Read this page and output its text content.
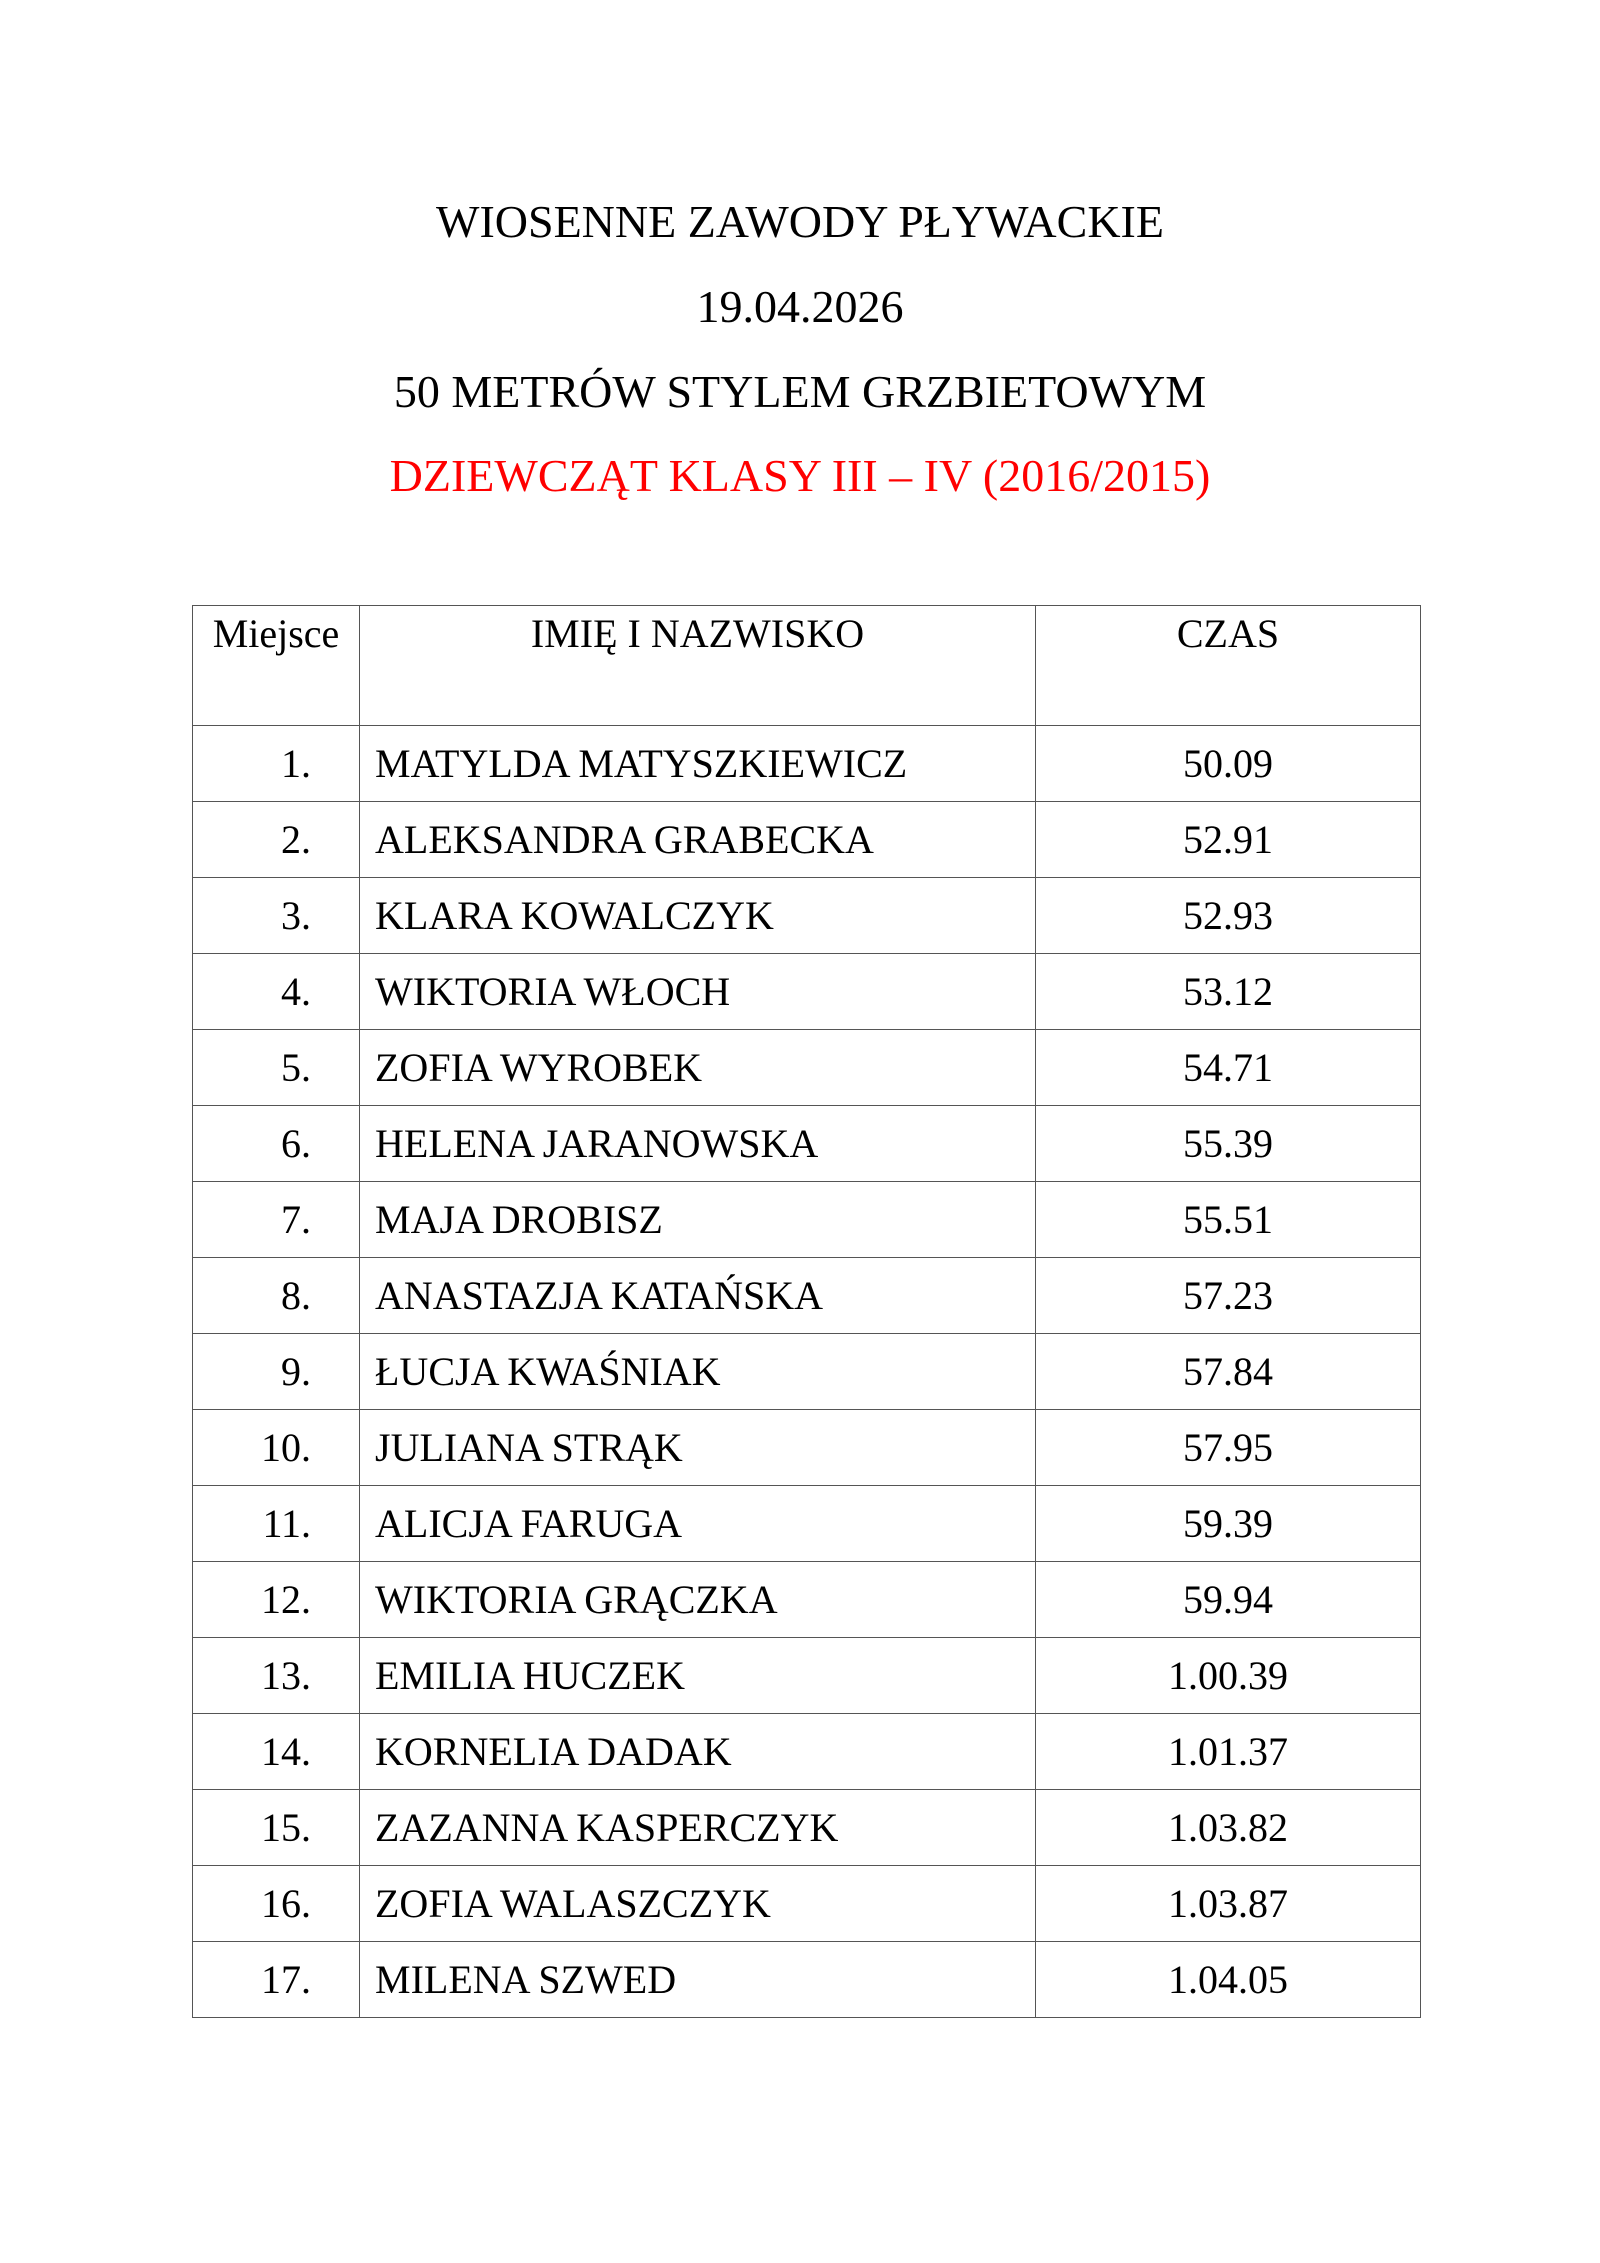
WIOSENNE ZAWODY PŁYWACKIE
19.04.2026
50 METRÓW STYLEM GRZBIETOWYM
DZIEWCZĄT KLASY III – IV (2016/2015)
Miejsce	IMIĘ I NAZWISKO	CZAS
1.	MATYLDA MATYSZKIEWICZ	50.09
2.	ALEKSANDRA GRABECKA	52.91
3.	KLARA KOWALCZYK	52.93
4.	WIKTORIA WŁOCH	53.12
5.	ZOFIA WYROBEK	54.71
6.	HELENA JARANOWSKA	55.39
7.	MAJA DROBISZ	55.51
8.	ANASTAZJA KATAŃSKA	57.23
9.	ŁUCJA KWAŚNIAK	57.84
10.	JULIANA STRĄK	57.95
11.	ALICJA FARUGA	59.39
12.	WIKTORIA GRĄCZKA	59.94
13.	EMILIA HUCZEK	1.00.39
14.	KORNELIA DADAK	1.01.37
15.	ZAZANNA KASPERCZYK	1.03.82
16.	ZOFIA WALASZCZYK	1.03.87
17.	MILENA SZWED	1.04.05
